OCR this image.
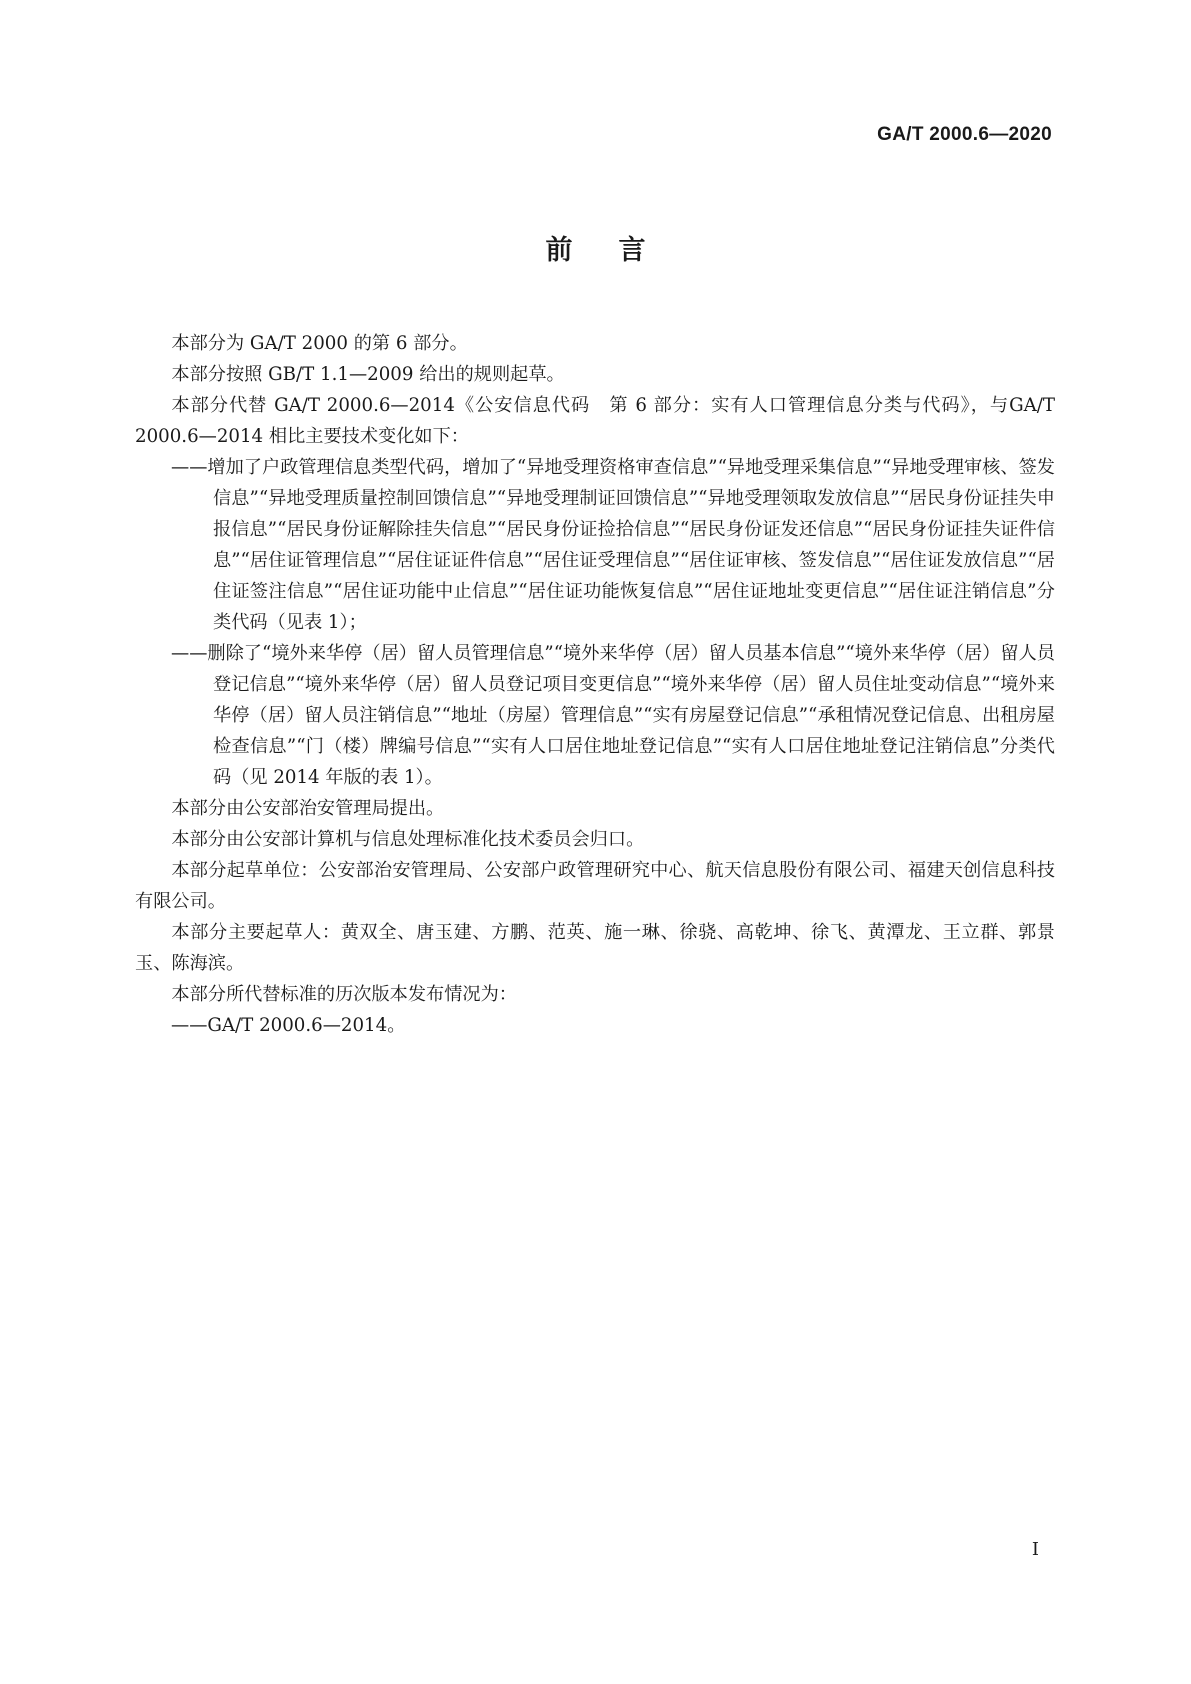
GA/T 2000.6—2020

前言

本部分为 GA/T 2000 的第 6 部分。

本部分按照 GB/T 1.1—2009 给出的规则起草。

本部分代替 GA/T 2000.6—2014《公安信息代码　第 6 部分：实有人口管理信息分类与代码》，与GA/T 2000.6—2014 相比主要技术变化如下：

——增加了户政管理信息类型代码，增加了“异地受理资格审查信息”“异地受理采集信息”“异地受理审核、签发信息”“异地受理质量控制回馈信息”“异地受理制证回馈信息”“异地受理领取发放信息”“居民身份证挂失申报信息”“居民身份证解除挂失信息”“居民身份证捡拾信息”“居民身份证发还信息”“居民身份证挂失证件信息”“居住证管理信息”“居住证证件信息”“居住证受理信息”“居住证审核、签发信息”“居住证发放信息”“居住证签注信息”“居住证功能中止信息”“居住证功能恢复信息”“居住证地址变更信息”“居住证注销信息”分类代码（见表 1）；

——删除了“境外来华停（居）留人员管理信息”“境外来华停（居）留人员基本信息”“境外来华停（居）留人员登记信息”“境外来华停（居）留人员登记项目变更信息”“境外来华停（居）留人员住址变动信息”“境外来华停（居）留人员注销信息”“地址（房屋）管理信息”“实有房屋登记信息”“承租情况登记信息、出租房屋检查信息”“门（楼）牌编号信息”“实有人口居住地址登记信息”“实有人口居住地址登记注销信息”分类代码（见 2014 年版的表 1）。

本部分由公安部治安管理局提出。

本部分由公安部计算机与信息处理标准化技术委员会归口。

本部分起草单位：公安部治安管理局、公安部户政管理研究中心、航天信息股份有限公司、福建天创信息科技有限公司。

本部分主要起草人：黄双全、唐玉建、方鹏、范英、施一琳、徐骁、高乾坤、徐飞、黄潭龙、王立群、郭景玉、陈海滨。

本部分所代替标准的历次版本发布情况为：

——GA/T 2000.6—2014。

I
